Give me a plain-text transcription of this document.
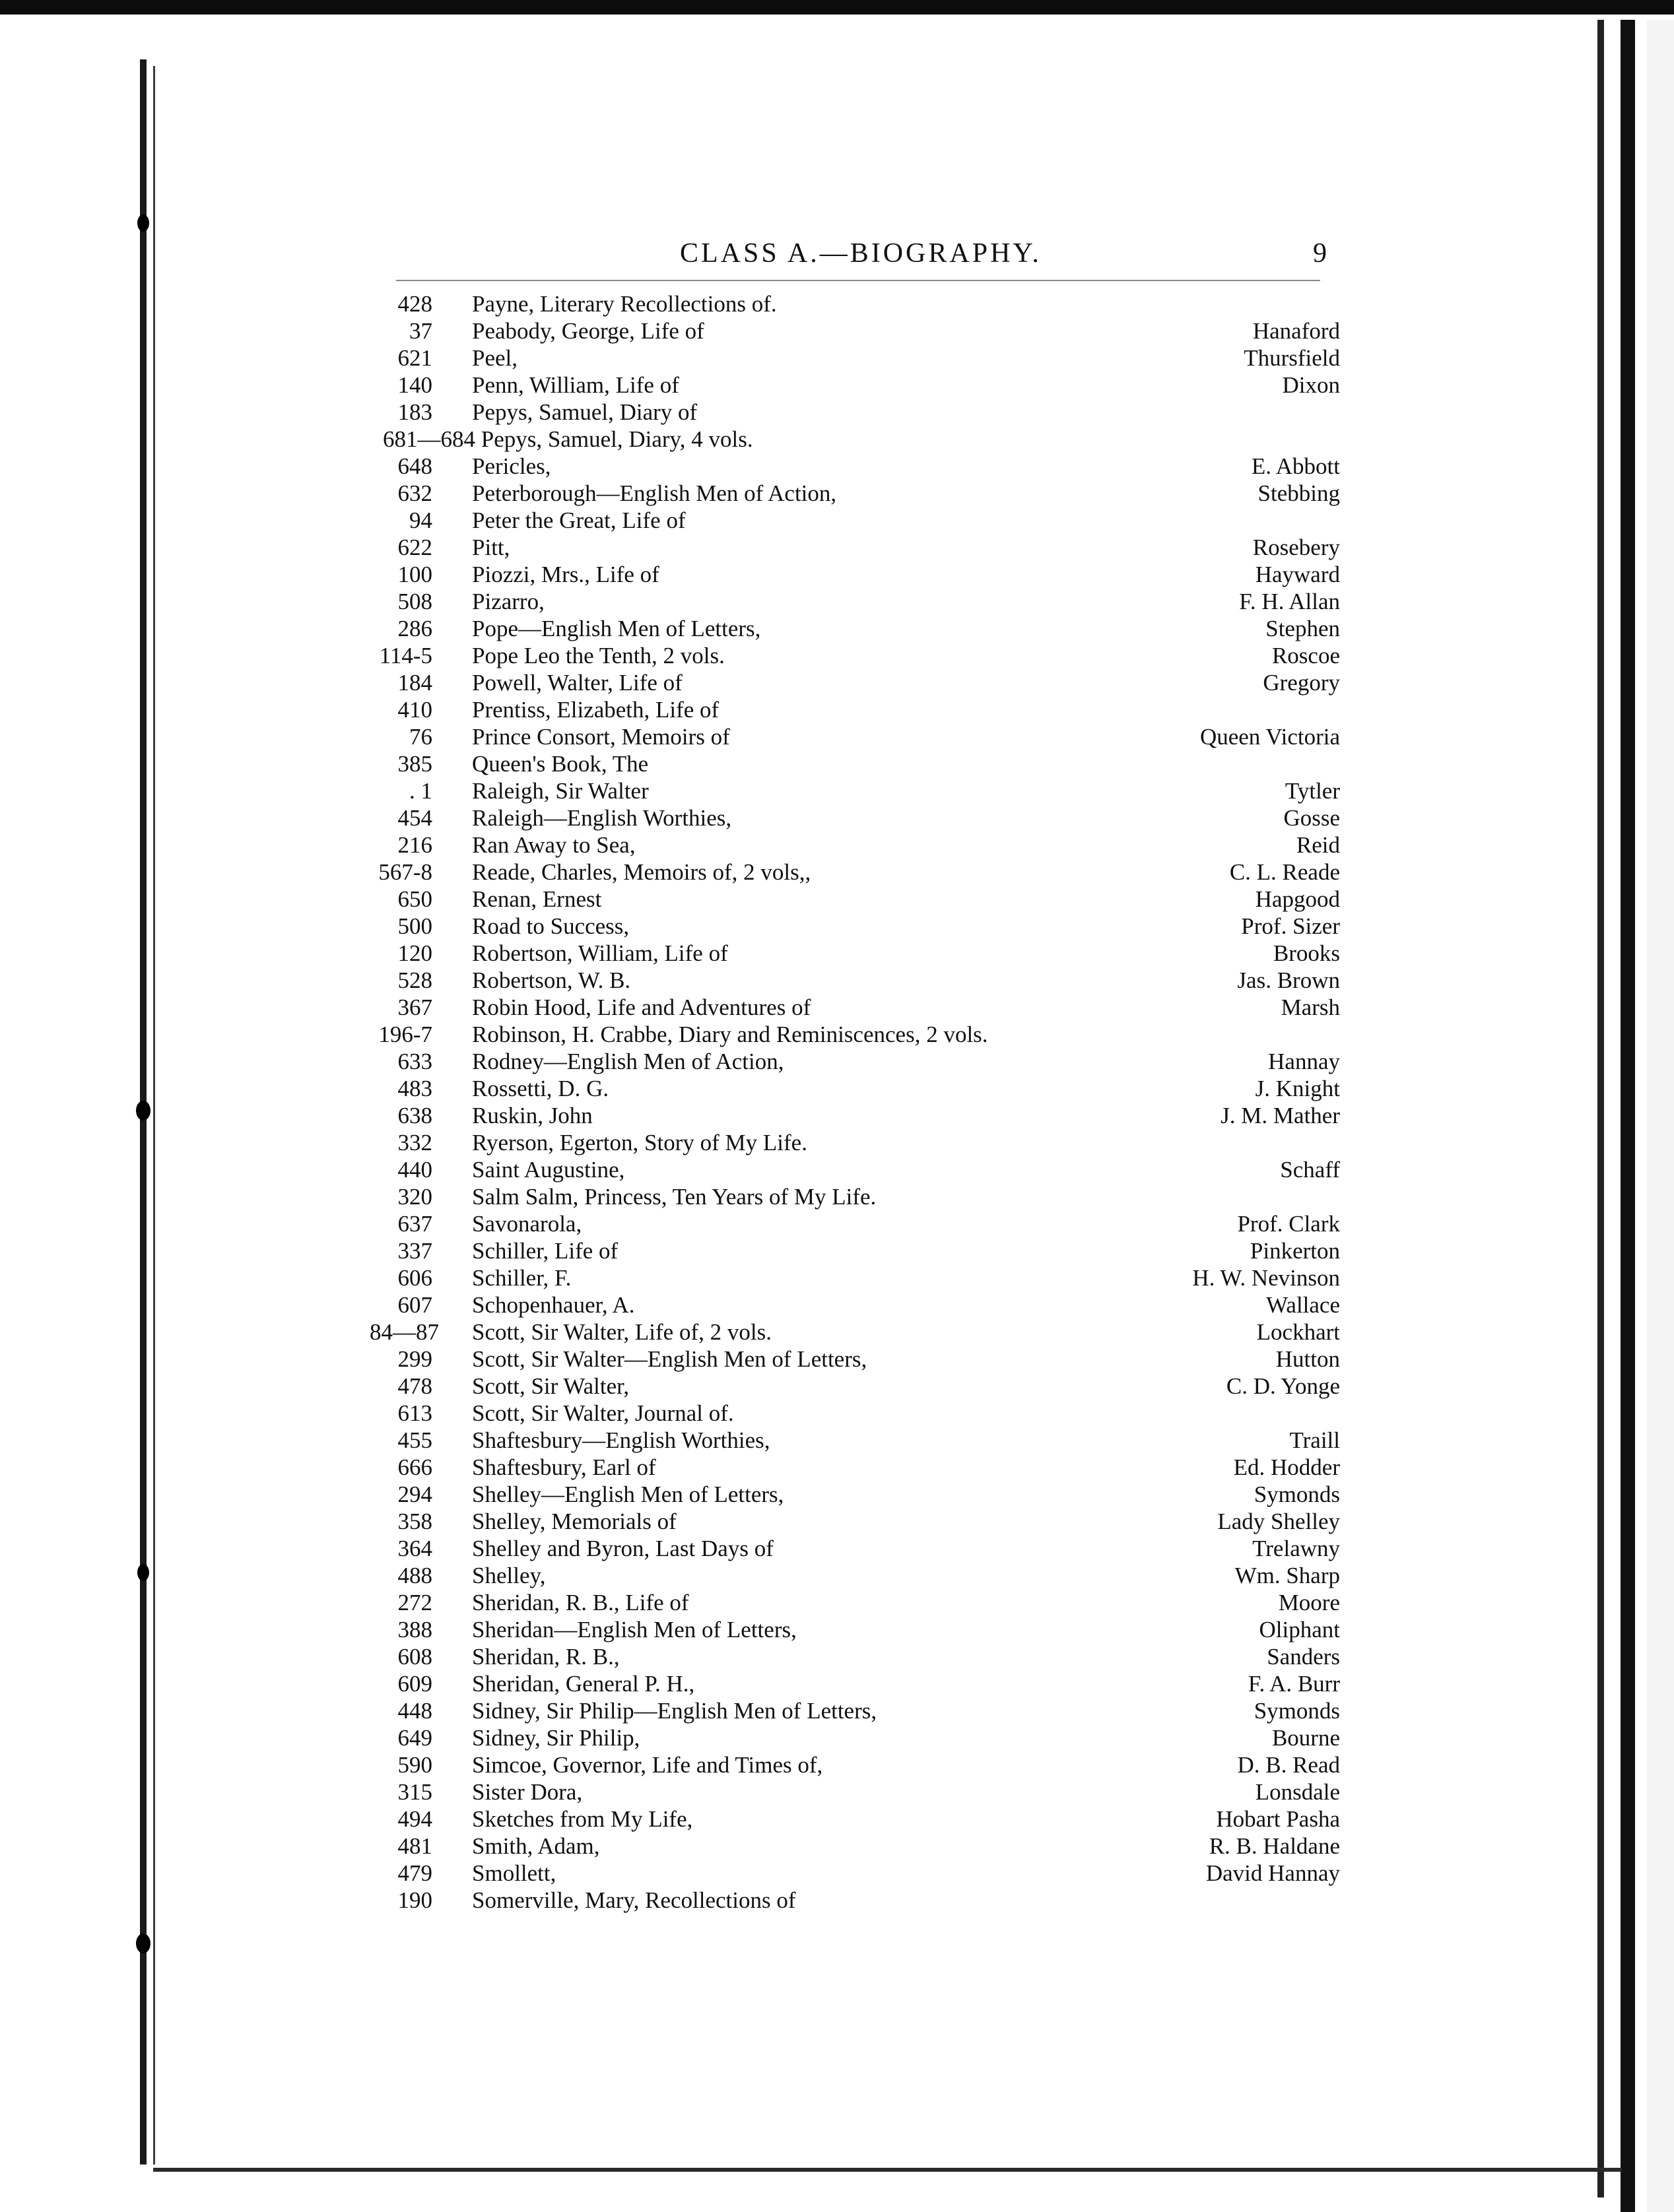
CLASS A.—BIOGRAPHY.	9
428 Payne, Literary Recollections of.
37 Peabody, George, Life of	Hanaford
621 Peel,	Thursfield
140 Penn, William, Life of	Dixon
183 Pepys, Samuel, Diary of
681—684 Pepys, Samuel, Diary, 4 vols.
648 Pericles,	E. Abbott
632 Peterborough—English Men of Action,	Stebbing
94 Peter the Great, Life of
622 Pitt,	Rosebery
100 Piozzi, Mrs., Life of	Hayward
508 Pizarro,	F. H. Allan
286 Pope—English Men of Letters,	Stephen
114-5 Pope Leo the Tenth, 2 vols.	Roscoe
184 Powell, Walter, Life of	Gregory
410 Prentiss, Elizabeth, Life of
76 Prince Consort, Memoirs of	Queen Victoria
385 Queen's Book, The
. 1 Raleigh, Sir Walter	Tytler
454 Raleigh—English Worthies,	Gosse
216 Ran Away to Sea,	Reid
567-8 Reade, Charles, Memoirs of, 2 vols,,	C. L. Reade
650 Renan, Ernest	Hapgood
500 Road to Success,	Prof. Sizer
120 Robertson, William, Life of	Brooks
528 Robertson, W. B.	Jas. Brown
367 Robin Hood, Life and Adventures of	Marsh
196-7 Robinson, H. Crabbe, Diary and Reminiscences, 2 vols.
633 Rodney—English Men of Action,	Hannay
483 Rossetti, D. G.	J. Knight
638 Ruskin, John	J. M. Mather
332 Ryerson, Egerton, Story of My Life.
440 Saint Augustine,	Schaff
320 Salm Salm, Princess, Ten Years of My Life.
637 Savonarola,	Prof. Clark
337 Schiller, Life of	Pinkerton
606 Schiller, F.	H. W. Nevinson
607 Schopenhauer, A.	Wallace
84—87 Scott, Sir Walter, Life of, 2 vols.	Lockhart
299 Scott, Sir Walter—English Men of Letters,	Hutton
478 Scott, Sir Walter,	C. D. Yonge
613 Scott, Sir Walter, Journal of.
455 Shaftesbury—English Worthies,	Traill
666 Shaftesbury, Earl of	Ed. Hodder
294 Shelley—English Men of Letters,	Symonds
358 Shelley, Memorials of	Lady Shelley
364 Shelley and Byron, Last Days of	Trelawny
488 Shelley,	Wm. Sharp
272 Sheridan, R. B., Life of	Moore
388 Sheridan—English Men of Letters,	Oliphant
608 Sheridan, R. B.,	Sanders
609 Sheridan, General P. H.,	F. A. Burr
448 Sidney, Sir Philip—English Men of Letters,	Symonds
649 Sidney, Sir Philip,	Bourne
590 Simcoe, Governor, Life and Times of,	D. B. Read
315 Sister Dora,	Lonsdale
494 Sketches from My Life,	Hobart Pasha
481 Smith, Adam,	R. B. Haldane
479 Smollett,	David Hannay
190 Somerville, Mary, Recollections of
